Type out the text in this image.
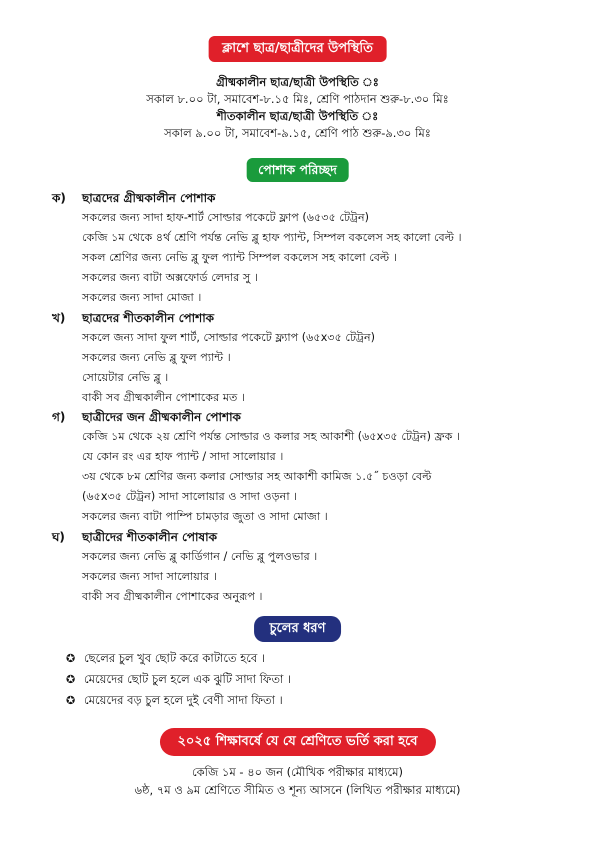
ক্লাশে ছাত্র/ছাত্রীদের উপস্থিতি
গ্রীষ্মকালীন ছাত্র/ছাত্রী উপস্থিতি ঃ
সকাল ৮.০০ টা, সমাবেশ-৮.১৫ মিঃ, শ্রেণি পাঠদান শুরু-৮.৩০ মিঃ
শীতকালীন ছাত্র/ছাত্রী উপস্থিতি ঃ
সকাল ৯.০০ টা, সমাবেশ-৯.১৫, শ্রেণি পাঠ শুরু-৯.৩০ মিঃ
পোশাক পরিচ্ছদ
ক)	ছাত্রদের গ্রীষ্মকালীন পোশাক
সকলের জন্য সাদা হাফ-শার্ট সোল্ডার পকেটে ফ্লাপ (৬৫৩৫ টেট্রন)
কেজি ১ম থেকে ৪র্থ শ্রেণি পর্যন্ত নেভি ব্লু হাফ প্যান্ট, সিম্পল বকলেস সহ কালো বেল্ট ।
সকল শ্রেণির জন্য নেভি ব্লু ফুল প্যান্ট সিম্পল বকলেস সহ কালো বেল্ট ।
সকলের জন্য বাটা অক্সফোর্ড লেদার সু ।
সকলের জন্য সাদা মোজা ।
খ)	ছাত্রদের শীতকালীন পোশাক
সকলে জন্য সাদা ফুল শার্ট, সোল্ডার পকেটে ফ্ল্যাপ (৬৫x৩৫ টেট্রন)
সকলের জন্য নেভি ব্লু ফুল প্যান্ট ।
সোয়েটার নেভি ব্লু ।
বাকী সব গ্রীষ্মকালীন পোশাকের মত ।
গ)	ছাত্রীদের জন গ্রীষ্মকালীন পোশাক
কেজি ১ম থেকে ২য় শ্রেণি পর্যন্ত সোল্ডার ও কলার সহ আকাশী (৬৫x৩৫ টেট্রন) ফ্রক ।
যে কোন রং এর হাফ প্যান্ট / সাদা সালোয়ার ।
৩য় থেকে ৮ম শ্রেণির জন্য কলার সোল্ডার সহ আকাশী কামিজ ১.৫˝ চওড়া বেল্ট
(৬৫x৩৫ টেট্রন) সাদা সালোয়ার ও সাদা ওড়না ।
সকলের জন্য বাটা পাম্পি চামড়ার জুতা ও সাদা মোজা ।
ঘ)	ছাত্রীদের শীতকালীন পোষাক
সকলের জন্য নেভি ব্লু কার্ডিগান / নেভি ব্লু পুলওভার ।
সকলের জন্য সাদা সালোয়ার ।
বাকী সব গ্রীষ্মকালীন পোশাকের অনুরূপ ।
চুলের ধরণ
✪ ছেলের চুল খুব ছোট করে কাটাতে হবে ।
✪ মেয়েদের ছোট চুল হলে এক ঝুটি সাদা ফিতা ।
✪ মেয়েদের বড় চুল হলে দুই বেণী সাদা ফিতা ।
২০২৫ শিক্ষাবর্ষে যে যে শ্রেণিতে ভর্তি করা হবে
কেজি ১ম - ৪০ জন (মৌখিক পরীক্ষার মাধ্যমে)
৬ষ্ঠ, ৭ম ও ৯ম শ্রেণিতে সীমিত ও শূন্য আসনে (লিখিত পরীক্ষার মাধ্যমে)
